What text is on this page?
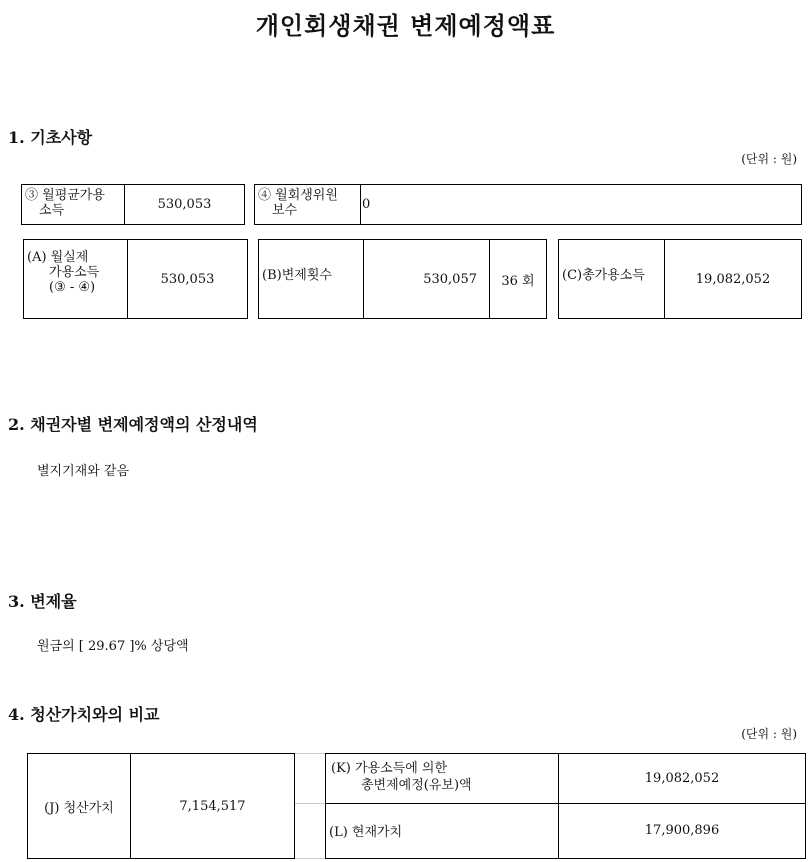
개인회생채권 변제예정액표
1. 기초사항
(단위 : 원)
③ 월평균가용
소득	530,053
④ 월회생위원
보수	0
(A) 월실제
가용소득
(③ - ④)
530,053	(B)변제횟수	530,057	36 회	(C)총가용소득	19,082,052
2. 채권자별 변제예정액의 산정내역
별지기재와 같음
3. 변제율
원금의 [ 29.67 ]% 상당액
4. 청산가치와의 비교
(단위 : 원)
(J) 청산가치	7,154,517
(K) 가용소득에 의한
총변제예정(유보)액	19,082,052
(L) 현재가치	17,900,896
